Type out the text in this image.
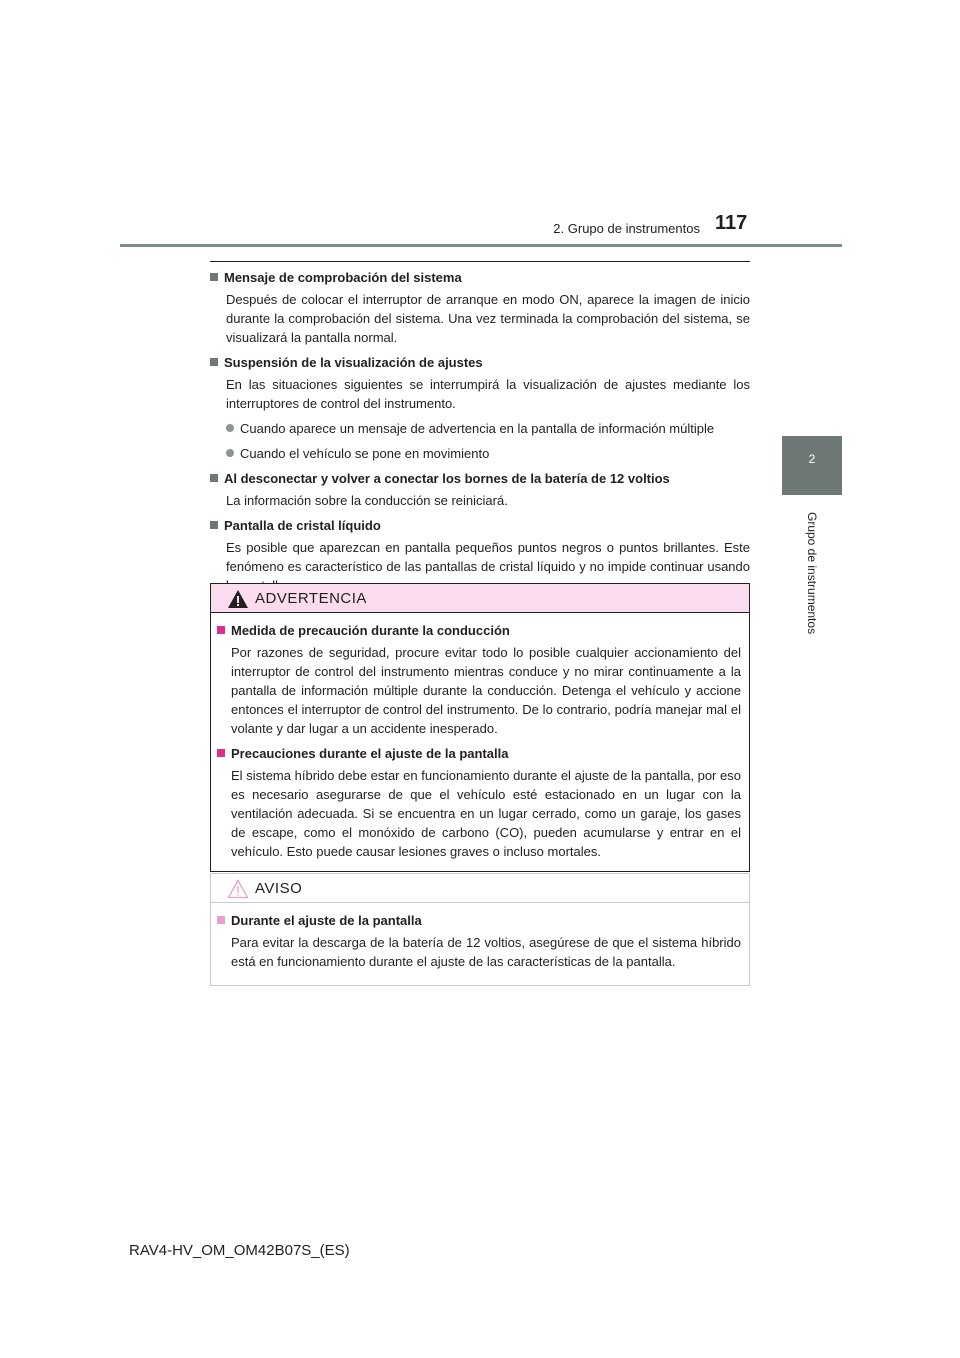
2. Grupo de instrumentos 117
2
Grupo de instrumentos
Mensaje de comprobación del sistema
Después de colocar el interruptor de arranque en modo ON, aparece la imagen de inicio durante la comprobación del sistema. Una vez terminada la comprobación del sistema, se visualizará la pantalla normal.
Suspensión de la visualización de ajustes
En las situaciones siguientes se interrumpirá la visualización de ajustes mediante los interruptores de control del instrumento.
Cuando aparece un mensaje de advertencia en la pantalla de información múltiple
Cuando el vehículo se pone en movimiento
Al desconectar y volver a conectar los bornes de la batería de 12 voltios
La información sobre la conducción se reiniciará.
Pantalla de cristal líquido
Es posible que aparezcan en pantalla pequeños puntos negros o puntos brillantes. Este fenómeno es característico de las pantallas de cristal líquido y no impide continuar usando
ADVERTENCIA
Medida de precaución durante la conducción
Por razones de seguridad, procure evitar todo lo posible cualquier accionamiento del interruptor de control del instrumento mientras conduce y no mirar continuamente a la pantalla de información múltiple durante la conducción. Detenga el vehículo y accione entonces el interruptor de control del instrumento. De lo contrario, podría manejar mal el volante y dar lugar a un accidente inesperado.
Precauciones durante el ajuste de la pantalla
El sistema híbrido debe estar en funcionamiento durante el ajuste de la pantalla, por eso es necesario asegurarse de que el vehículo esté estacionado en un lugar con la ventilación adecuada. Si se encuentra en un lugar cerrado, como un garaje, los gases de escape, como el monóxido de carbono (CO), pueden acumularse y entrar en el vehículo. Esto puede causar lesiones graves o incluso mortales.
AVISO
Durante el ajuste de la pantalla
Para evitar la descarga de la batería de 12 voltios, asegúrese de que el sistema híbrido está en funcionamiento durante el ajuste de las características de la pantalla.
RAV4-HV_OM_OM42B07S_(ES)
